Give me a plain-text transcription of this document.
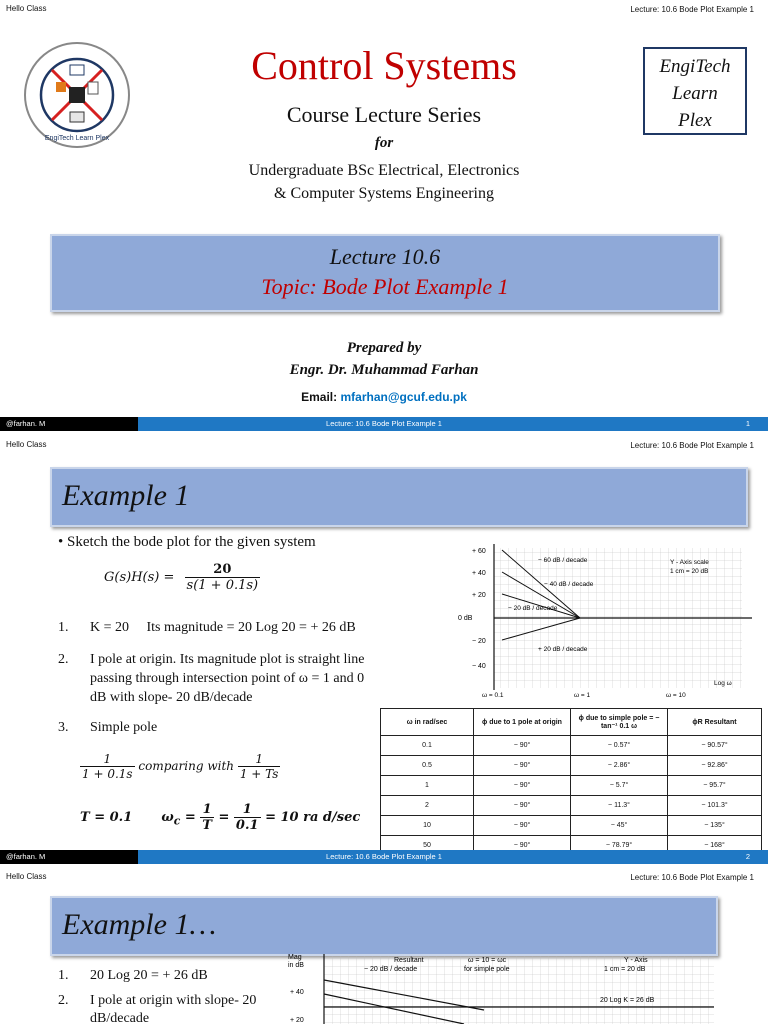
Hello Class	Lecture: 10.6 Bode Plot Example 1
EngiTech Learn Plex
Control Systems
Course Lecture Series
for
Undergraduate BSc Electrical, Electronics
& Computer Systems Engineering
EngiTech
Learn
Plex
Lecture 10.6
Topic: Bode Plot Example 1
Prepared by
Engr. Dr. Muhammad Farhan
Email: mfarhan@gcuf.edu.pk
Lecture: 10.6 Bode Plot Example 1
@farhan. M	1
Hello Class	Lecture: 10.6 Bode Plot Example 1
Example 1
• Sketch the bode plot for the given system
$G(s)H(s) = \frac{20}{s(1 + 0.1s)}$
1. K = 20     Its magnitude = 20 Log 20 = + 26 dB
2. I pole at origin. Its magnitude plot is straight line
passing through intersection point of ω = 1 and 0
dB with slope- 20 dB/decade
3. Simple pole
$\frac{1}{1 + 0.1s}$ comparing with $\frac{1}{1 + Ts}$
T = 0.1 $\omega_c = \frac{1}{T} = \frac{1}{0.1} = 10$ ra d/sec
+ 60
+ 40
+ 20
0 dB
− 20
− 40
− 60 dB / decade
− 40 dB / decade
− 20 dB / decade
+ 20 dB / decade
Y - Axis scale
1 cm = 20 dB
ω = 0.1	ω = 1	ω = 10
Log ω
ω in rad/sec	ϕ due to 1 pole at origin	ϕ due to simple pole = − tan⁻¹ 0.1 ω	ϕR Resultant
0.1	− 90°	− 0.57°	− 90.57°
0.5	− 90°	− 2.86°	− 92.86°
1	− 90°	− 5.7°	− 95.7°
2	− 90°	− 11.3°	− 101.3°
10	− 90°	− 45°	− 135°
50	− 90°	− 78.79°	− 168°
Lecture: 10.6 Bode Plot Example 1
@farhan. M	2
Hello Class	Lecture: 10.6 Bode Plot Example 1
Example 1…
1. 20 Log 20 = + 26 dB
2. I pole at origin with slope- 20
dB/decade
Mag
in dB
+ 40
+ 20
Resultant
− 20 dB / decade
ω = 10 = ωc
for simple pole
Y - Axis
1 cm = 20 dB
20 Log K = 26 dB
